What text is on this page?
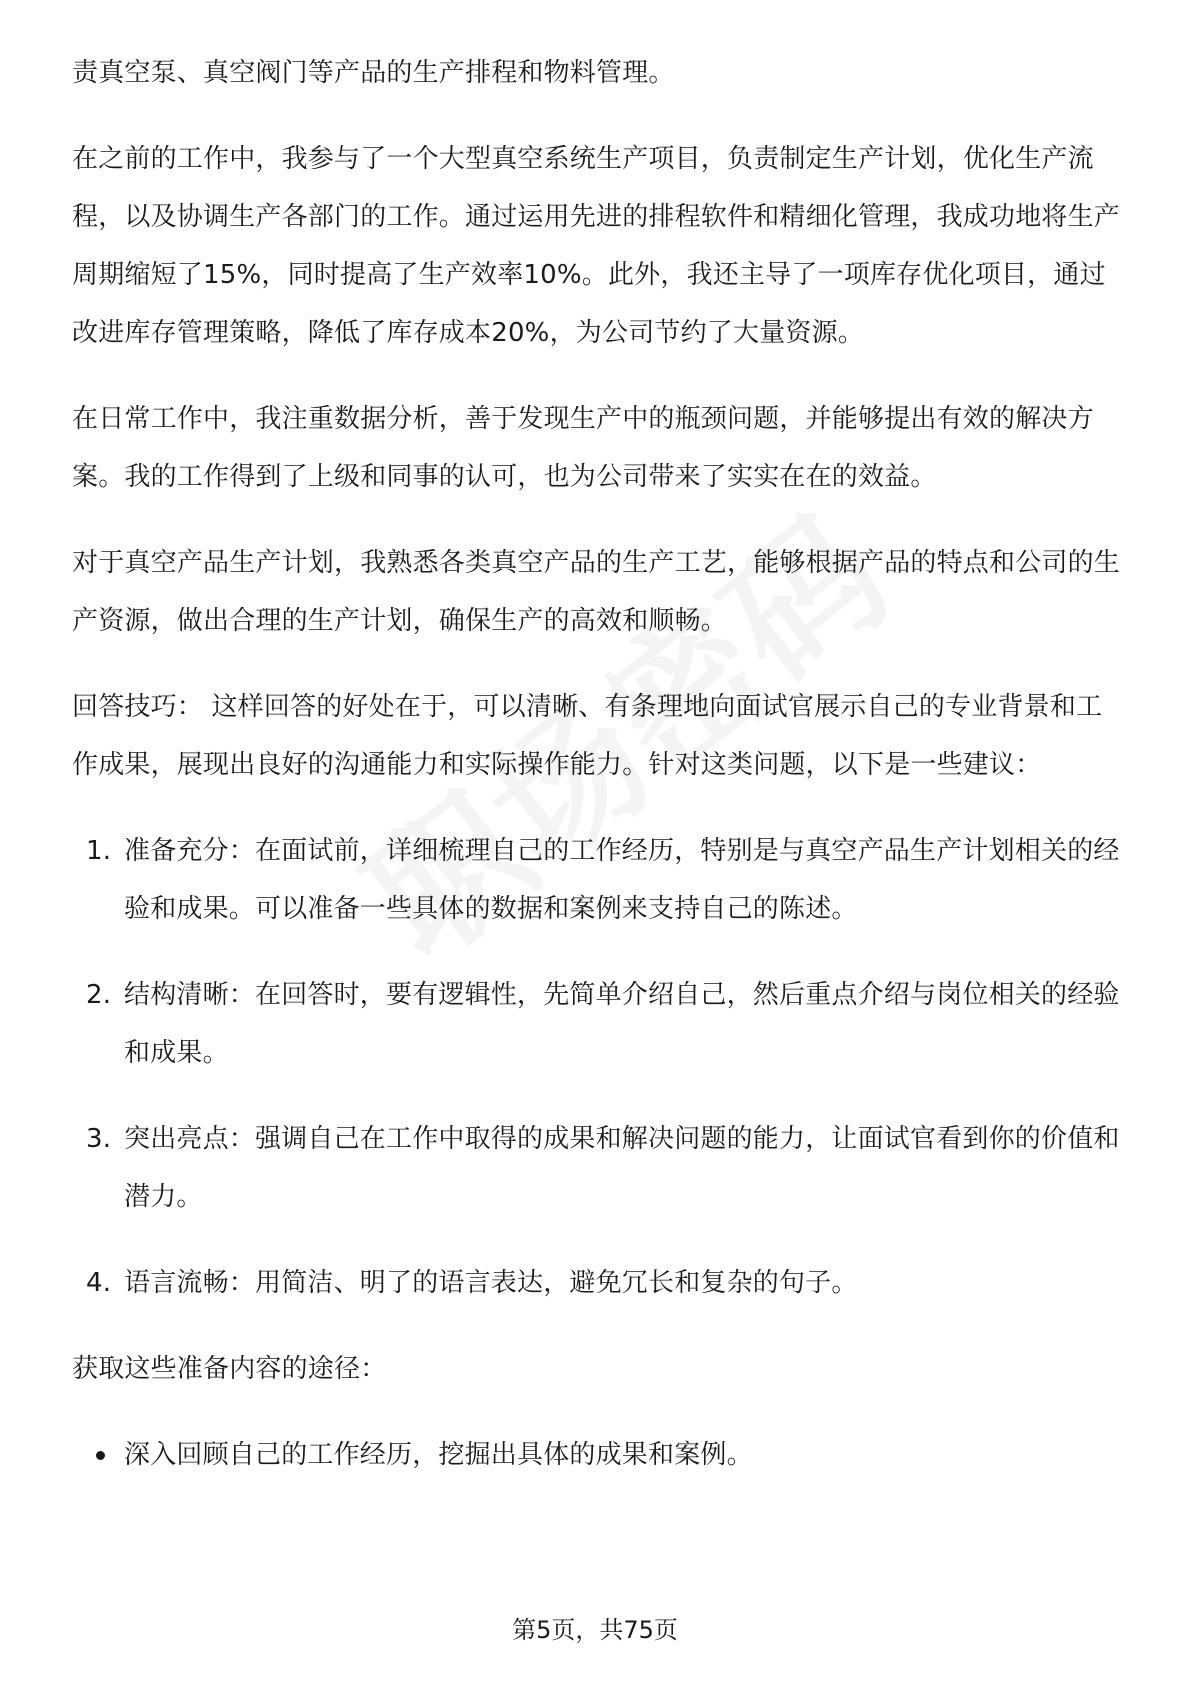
责真空泵、真空阀门等产品的生产排程和物料管理。

在之前的工作中，我参与了一个大型真空系统生产项目，负责制定生产计划，优化生产流程，以及协调生产各部门的工作。通过运用先进的排程软件和精细化管理，我成功地将生产周期缩短了15%，同时提高了生产效率10%。此外，我还主导了一项库存优化项目，通过改进库存管理策略，降低了库存成本20%，为公司节约了大量资源。

在日常工作中，我注重数据分析，善于发现生产中的瓶颈问题，并能够提出有效的解决方案。我的工作得到了上级和同事的认可，也为公司带来了实实在在的效益。

对于真空产品生产计划，我熟悉各类真空产品的生产工艺，能够根据产品的特点和公司的生产资源，做出合理的生产计划，确保生产的高效和顺畅。

回答技巧： 这样回答的好处在于，可以清晰、有条理地向面试官展示自己的专业背景和工作成果，展现出良好的沟通能力和实际操作能力。针对这类问题，以下是一些建议：

1. 准备充分：在面试前，详细梳理自己的工作经历，特别是与真空产品生产计划相关的经验和成果。可以准备一些具体的数据和案例来支持自己的陈述。
2. 结构清晰：在回答时，要有逻辑性，先简单介绍自己，然后重点介绍与岗位相关的经验和成果。
3. 突出亮点：强调自己在工作中取得的成果和解决问题的能力，让面试官看到你的价值和潜力。
4. 语言流畅：用简洁、明了的语言表达，避免冗长和复杂的句子。

获取这些准备内容的途径：

深入回顾自己的工作经历，挖掘出具体的成果和案例。
第5页，共75页
